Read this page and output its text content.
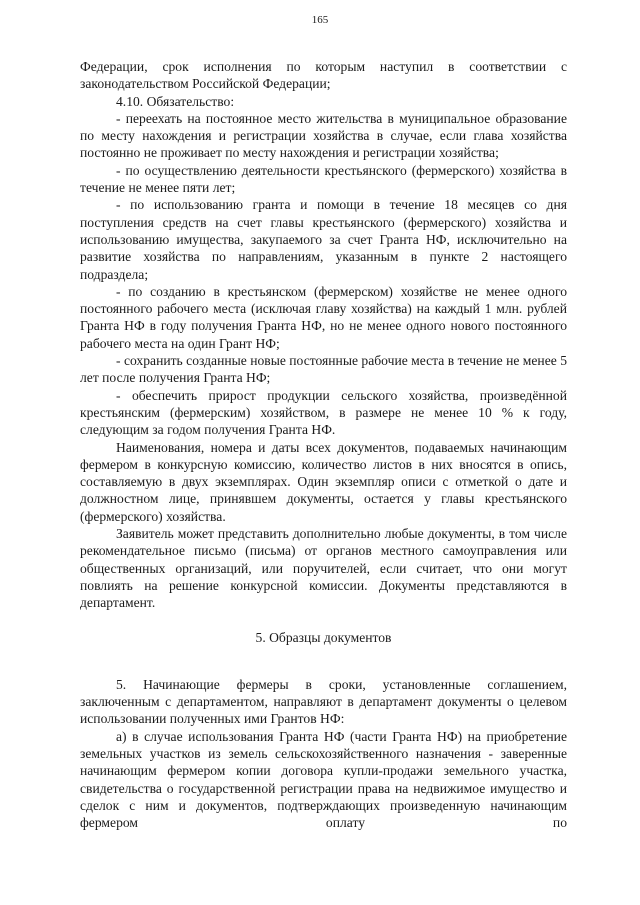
165

Федерации, срок исполнения по которым наступил в соответствии с законодательством Российской Федерации;

4.10. Обязательство:

- переехать на постоянное место жительства в муниципальное образование по месту нахождения и регистрации хозяйства в случае, если глава хозяйства постоянно не проживает по месту нахождения и регистрации хозяйства;

- по осуществлению деятельности крестьянского (фермерского) хозяйства в течение не менее пяти лет;

- по использованию гранта и помощи в течение 18 месяцев со дня поступления средств на счет главы крестьянского (фермерского) хозяйства и использованию имущества, закупаемого за счет Гранта НФ, исключительно на развитие хозяйства по направлениям, указанным в пункте 2 настоящего подраздела;

- по созданию в крестьянском (фермерском) хозяйстве не менее одного постоянного рабочего места (исключая главу хозяйства) на каждый 1 млн. рублей Гранта НФ в году получения Гранта НФ, но не менее одного нового постоянного рабочего места на один Грант НФ;

- сохранить созданные новые постоянные рабочие места в течение не менее 5 лет после получения Гранта НФ;

- обеспечить прирост продукции сельского хозяйства, произведённой крестьянским (фермерским) хозяйством, в размере не менее 10 % к году, следующим за годом получения Гранта НФ.

Наименования, номера и даты всех документов, подаваемых начинающим фермером в конкурсную комиссию, количество листов в них вносятся в опись, составляемую в двух экземплярах. Один экземпляр описи с отметкой о дате и должностном лице, принявшем документы, остается у главы крестьянского (фермерского) хозяйства.

Заявитель может представить дополнительно любые документы, в том числе рекомендательное письмо (письма) от органов местного самоуправления или общественных организаций, или поручителей, если считает, что они могут повлиять на решение конкурсной комиссии. Документы представляются в департамент.

5. Образцы документов

5. Начинающие фермеры в сроки, установленные соглашением, заключенным с департаментом, направляют в департамент документы о целевом использовании полученных ими Грантов НФ:

а) в случае использования Гранта НФ (части Гранта НФ) на приобретение земельных участков из земель сельскохозяйственного назначения - заверенные начинающим фермером копии договора купли-продажи земельного участка, свидетельства о государственной регистрации права на недвижимое имущество и сделок с ним и документов, подтверждающих произведенную начинающим фермером оплату по
